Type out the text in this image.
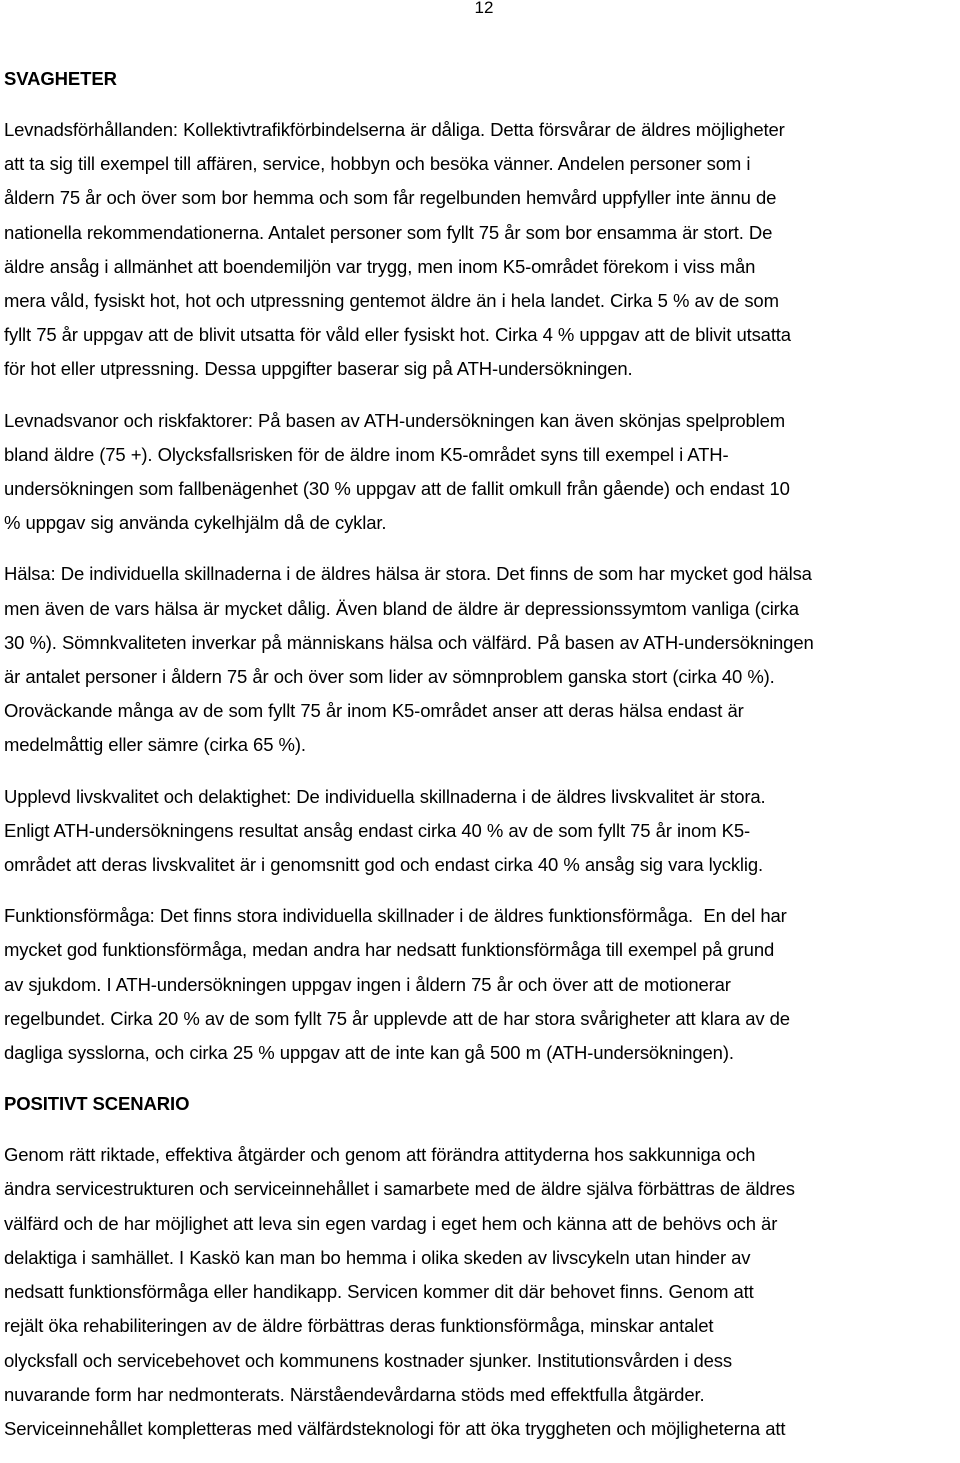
12
SVAGHETER

Levnadsförhållanden: Kollektivtrafikförbindelserna är dåliga. Detta försvårar de äldres möjligheter
att ta sig till exempel till affären, service, hobbyn och besöka vänner. Andelen personer som i
åldern 75 år och över som bor hemma och som får regelbunden hemvård uppfyller inte ännu de
nationella rekommendationerna. Antalet personer som fyllt 75 år som bor ensamma är stort. De
äldre ansåg i allmänhet att boendemiljön var trygg, men inom K5-området förekom i viss mån
mera våld, fysiskt hot, hot och utpressning gentemot äldre än i hela landet. Cirka 5 % av de som
fyllt 75 år uppgav att de blivit utsatta för våld eller fysiskt hot. Cirka 4 % uppgav att de blivit utsatta
för hot eller utpressning. Dessa uppgifter baserar sig på ATH-undersökningen.

Levnadsvanor och riskfaktorer: På basen av ATH-undersökningen kan även skönjas spelproblem
bland äldre (75 +). Olycksfallsrisken för de äldre inom K5-området syns till exempel i ATH-
undersökningen som fallbenägenhet (30 % uppgav att de fallit omkull från gående) och endast 10
% uppgav sig använda cykelhjälm då de cyklar.

Hälsa: De individuella skillnaderna i de äldres hälsa är stora. Det finns de som har mycket god hälsa
men även de vars hälsa är mycket dålig. Även bland de äldre är depressionssymtom vanliga (cirka
30 %). Sömnkvaliteten inverkar på människans hälsa och välfärd. På basen av ATH-undersökningen
är antalet personer i åldern 75 år och över som lider av sömnproblem ganska stort (cirka 40 %).
Oroväckande många av de som fyllt 75 år inom K5-området anser att deras hälsa endast är
medelmåttig eller sämre (cirka 65 %).

Upplevd livskvalitet och delaktighet: De individuella skillnaderna i de äldres livskvalitet är stora.
Enligt ATH-undersökningens resultat ansåg endast cirka 40 % av de som fyllt 75 år inom K5-
området att deras livskvalitet är i genomsnitt god och endast cirka 40 % ansåg sig vara lycklig.

Funktionsförmåga: Det finns stora individuella skillnader i de äldres funktionsförmåga.  En del har
mycket god funktionsförmåga, medan andra har nedsatt funktionsförmåga till exempel på grund
av sjukdom. I ATH-undersökningen uppgav ingen i åldern 75 år och över att de motionerar
regelbundet. Cirka 20 % av de som fyllt 75 år upplevde att de har stora svårigheter att klara av de
dagliga sysslorna, och cirka 25 % uppgav att de inte kan gå 500 m (ATH-undersökningen).

POSITIVT SCENARIO

Genom rätt riktade, effektiva åtgärder och genom att förändra attityderna hos sakkunniga och
ändra servicestrukturen och serviceinnehållet i samarbete med de äldre själva förbättras de äldres
välfärd och de har möjlighet att leva sin egen vardag i eget hem och känna att de behövs och är
delaktiga i samhället. I Kaskö kan man bo hemma i olika skeden av livscykeln utan hinder av
nedsatt funktionsförmåga eller handikapp. Servicen kommer dit där behovet finns. Genom att
rejält öka rehabiliteringen av de äldre förbättras deras funktionsförmåga, minskar antalet
olycksfall och servicebehovet och kommunens kostnader sjunker. Institutionsvården i dess
nuvarande form har nedmonterats. Närståendevårdarna stöds med effektfulla åtgärder.
Serviceinnehållet kompletteras med välfärdsteknologi för att öka tryggheten och möjligheterna att
